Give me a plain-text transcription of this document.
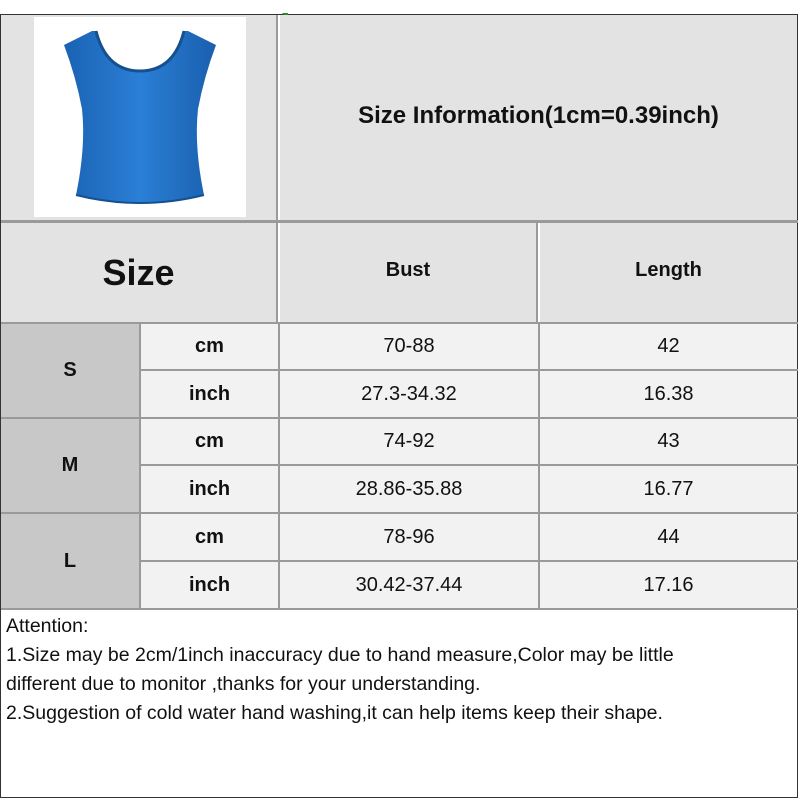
Size Information(1cm=0.39inch)
Size	Bust	Length
S
cm	70-88	42
inch	27.3-34.32	16.38
M
cm	74-92	43
inch	28.86-35.88	16.77
L
cm	78-96	44
inch	30.42-37.44	17.16
Attention:
1.Size may be 2cm/1inch inaccuracy due to hand measure,Color may be little
different due to monitor ,thanks for your understanding.
2.Suggestion of cold water hand washing,it can help items keep their shape.
